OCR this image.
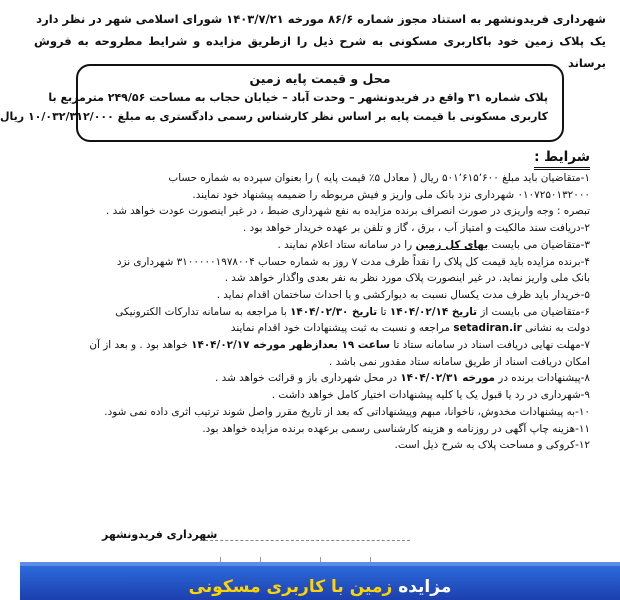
شهرداری فریدونشهر به استناد مجوز شماره ۸۶/۶ مورخه ۱۴۰۳/۷/۲۱ شورای اسلامی شهر در نظر دارد

یک پلاک زمین خود باکاربری مسکونی به شرح ذیل را ازطریق مزایده و شرایط مطروحه به فروش برساند

محل و قیمت پایه زمین
پلاک شماره ۳۱ واقع در فریدونشهر – وحدت آباد – خیابان حجاب به مساحت ۲۴۹/۵۶ مترمربع با
کاربری مسکونی با قیمت پایه بر اساس نظر کارشناس رسمی دادگستری به مبلغ ۱۰/۰۳۲/۳۱۲/۰۰۰ ریال
شرایط :

۱-متقاضیان باید مبلغ ۵۰۱٬۶۱۵٬۶۰۰ ریال ( معادل ۵٪ قیمت پایه ) را بعنوان سپرده به شماره حساب

۰۱۰۷۲۵۰۱۳۲۰۰۰ شهرداری نزد بانک ملی واریز و فیش مربوطه را ضمیمه پیشنهاد خود نمایند.

تبصره : وجه واریزی در صورت انصراف برنده مزایده به نفع شهرداری ضبط ، در غیر اینصورت عودت خواهد شد .

۲-دریافت سند مالکیت و امتیاز آب ، برق ، گاز و تلفن بر عهده خریدار خواهد بود .

۳-متقاضیان می بایست بهای کل زمین را در سامانه ستاد اعلام نمایند .

۴-برنده مزایده باید قیمت کل پلاک را نقداً ظرف مدت ۷ روز به شماره حساب ۳۱۰۰۰۰۰۱۹۷۸۰۰۴ شهرداری نزد

بانک ملی واریز نماید. در غیر اینصورت پلاک مورد نظر به نفر بعدی واگذار خواهد شد .

۵-خریدار باید ظرف مدت یکسال نسبت به دیوارکشی و یا احداث ساختمان اقدام نماید .

۶-متقاضیان می بایست از تاریخ ۱۴۰۴/۰۲/۱۴ تا تاریخ ۱۴۰۴/۰۲/۳۰ با مراجعه به سامانه تدارکات الکترونیکی

دولت به نشانی setadiran.ir مراجعه و نسبت به ثبت پیشنهادات خود اقدام نمایند

۷-مهلت نهایی دریافت اسناد در سامانه ستاد تا ساعت ۱۹ بعدازظهر مورخه ۱۴۰۴/۰۲/۱۷ خواهد بود . و بعد از آن

امکان دریافت اسناد از طریق سامانه ستاد مقدور نمی باشد .

۸-پیشنهادات برنده در مورخه ۱۴۰۴/۰۲/۳۱ در محل شهرداری باز و قرائت خواهد شد .

۹-شهرداری در رد یا قبول یک یا کلیه پیشنهادات اختیار کامل خواهد داشت .

۱۰-به پیشنهادات مخدوش، ناخوانا، مبهم وپیشنهاداتی که بعد از تاریخ مقرر واصل شوند ترتیب اثری داده نمی شود.

۱۱-هزینه چاپ آگهی در روزنامه و هزینه کارشناسی رسمی برعهده برنده مزایده خواهد بود.

۱۲-کروکی و مساحت پلاک به شرح ذیل است.

شهرداری فریدونشهر
مزایده زمین با کاربری مسکونی
